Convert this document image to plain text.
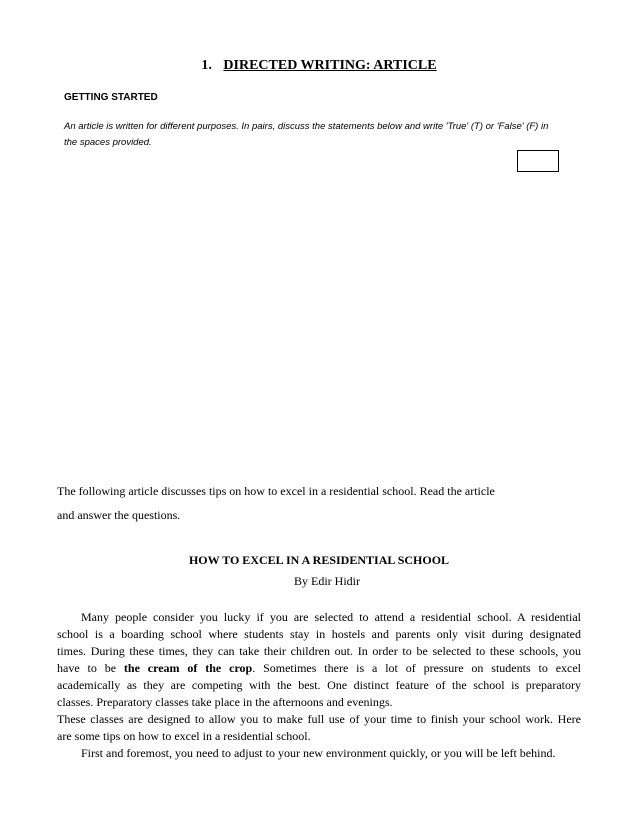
1. DIRECTED WRITING: ARTICLE
GETTING STARTED
An article is written for different purposes. In pairs, discuss the statements below and write 'True' (T) or 'False' (F) in
the spaces provided.
The following article discusses tips on how to excel in a residential school. Read the article
and answer the questions.
HOW TO EXCEL IN A RESIDENTIAL SCHOOL
By Edir Hidir

Many people consider you lucky if you are selected to attend a residential school. A residential

school is a boarding school where students stay in hostels and parents only visit during designated

times. During these times, they can take their children out. In order to be selected to these schools, you

have to be the cream of the crop. Sometimes there is a lot of pressure on students to excel

academically as they are competing with the best. One distinct feature of the school is preparatory

classes. Preparatory classes take place in the afternoons and evenings.

These classes are designed to allow you to make full use of your time to finish your school work. Here

are some tips on how to excel in a residential school.

First and foremost, you need to adjust to your new environment quickly, or you will be left behind.
